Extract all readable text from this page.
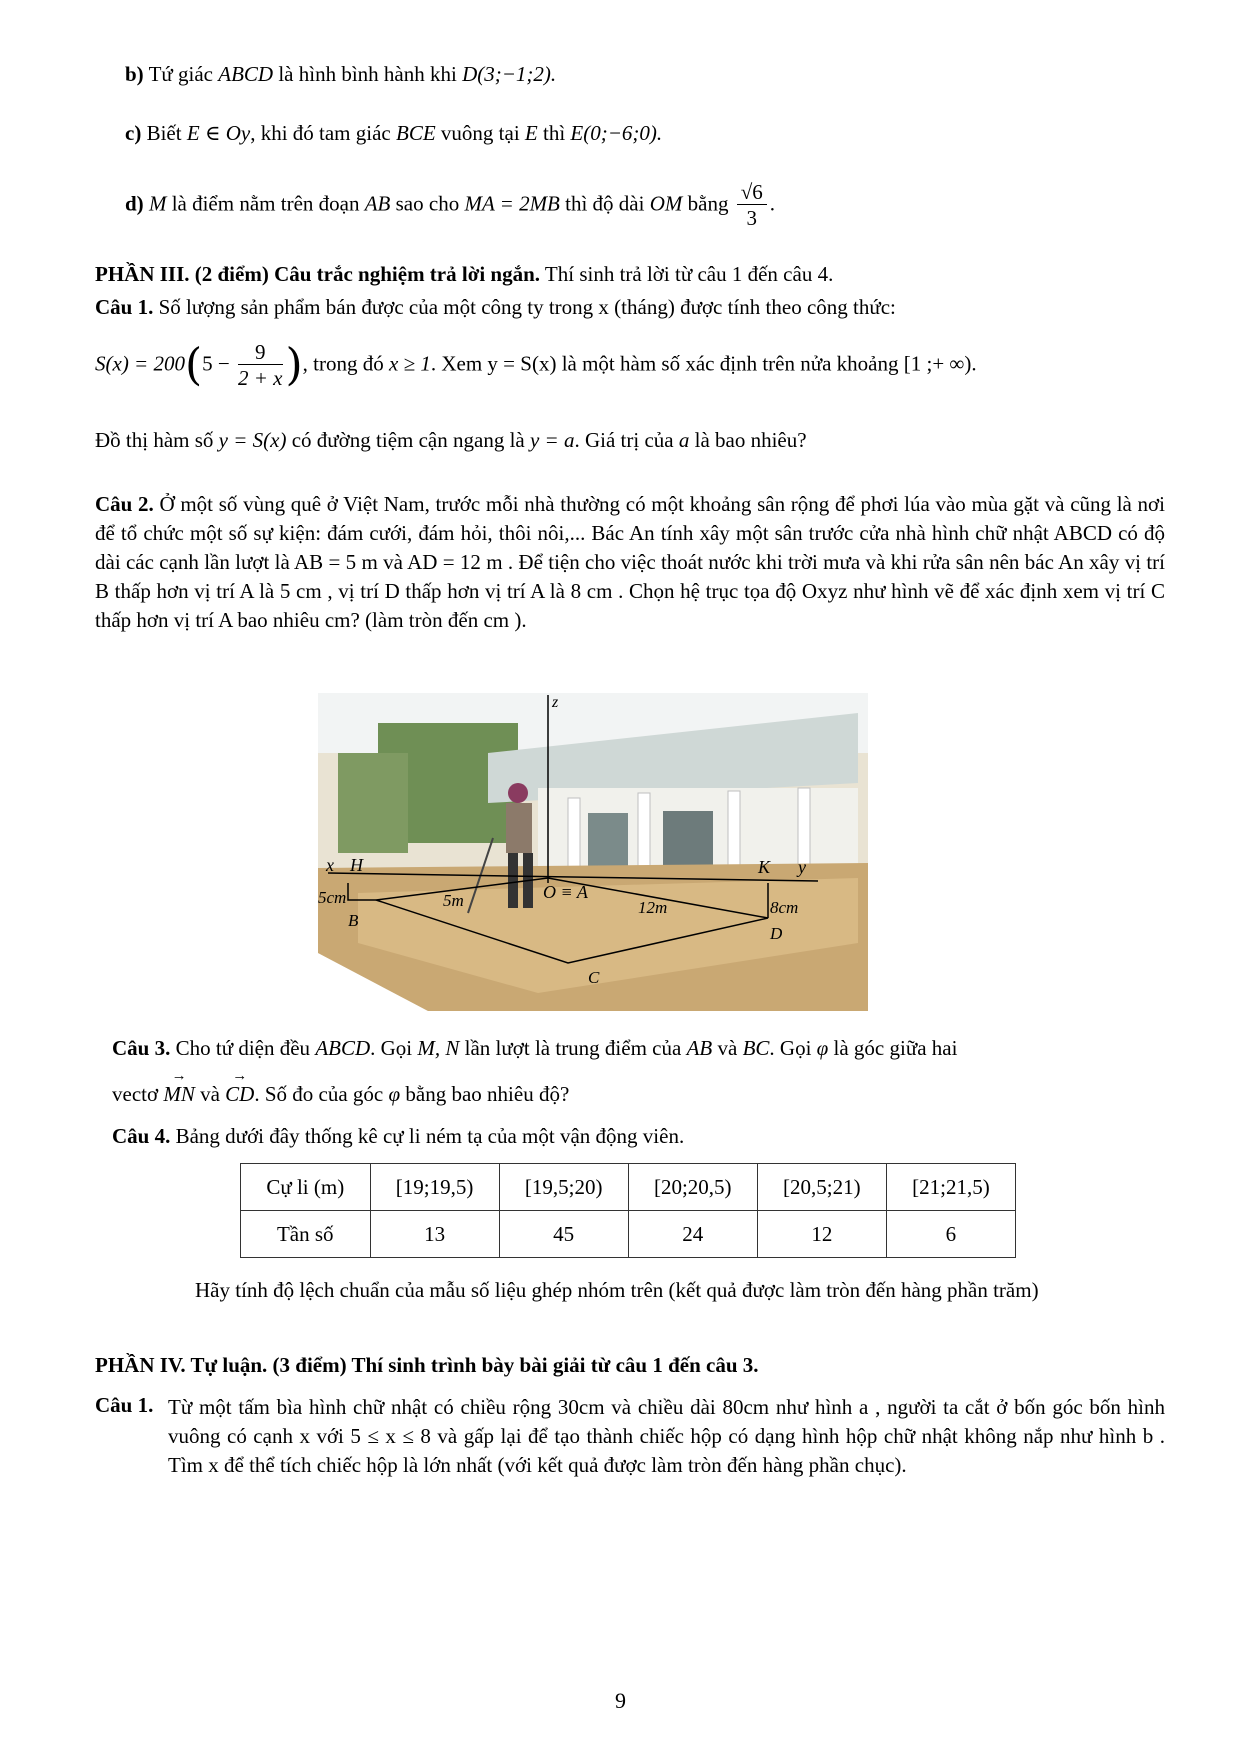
b) Tứ giác ABCD là hình bình hành khi D(3;−1;2).
c) Biết E ∈ Oy, khi đó tam giác BCE vuông tại E thì E(0;−6;0).
d) M là điểm nằm trên đoạn AB sao cho MA = 2MB thì độ dài OM bằng $\frac{√6}{3}$ .
PHẦN III. (2 điểm) Câu trắc nghiệm trả lời ngắn. Thí sinh trả lời từ câu 1 đến câu 4.
Câu 1. Số lượng sản phẩm bán được của một công ty trong x (tháng) được tính theo công thức:
$S(x) = 200(5 - \frac{9}{2 + x}$ ), trong đó x ≥ 1. Xem y = S(x) là một hàm số xác định trên nửa khoảng [1 ;+ ∞).
Đồ thị hàm số y = S(x) có đường tiệm cận ngang là y = a. Giá trị của a là bao nhiêu?
Câu 2. Ở một số vùng quê ở Việt Nam, trước mỗi nhà thường có một khoảng sân rộng để phơi lúa vào mùa gặt và cũng là nơi để tổ chức một số sự kiện: đám cưới, đám hỏi, thôi nôi,... Bác An tính xây một sân trước cửa nhà hình chữ nhật ABCD có độ dài các cạnh lần lượt là AB = 5 m và AD = 12 m . Để tiện cho việc thoát nước khi trời mưa và khi rửa sân nên bác An xây vị trí B thấp hơn vị trí A là 5 cm , vị trí D thấp hơn vị trí A là 8 cm . Chọn hệ trục tọa độ Oxyz như hình vẽ để xác định xem vị trí C thấp hơn vị trí A bao nhiêu cm? (làm tròn đến cm ).
z
x H	K y
O ≡ A
5cm	5m	12m	8cm
B
D
C
Câu 3. Cho tứ diện đều ABCD. Gọi M, N lần lượt là trung điểm của AB và BC. Gọi φ là góc giữa hai
vectơ → MN và → CD. Số đo của góc φ bằng bao nhiêu độ?
Câu 4. Bảng dưới đây thống kê cự li ném tạ của một vận động viên.
Cự li (m)	[19;19,5)	[19,5;20)	[20;20,5)	[20,5;21)	[21;21,5)
Tần số	13	45	24	12	6
Hãy tính độ lệch chuẩn của mẫu số liệu ghép nhóm trên (kết quả được làm tròn đến hàng phần trăm)
PHẦN IV. Tự luận. (3 điểm) Thí sinh trình bày bài giải từ câu 1 đến câu 3.
Câu 1. Từ một tấm bìa hình chữ nhật có chiều rộng 30cm và chiều dài 80cm như hình a , người ta cắt ở bốn góc bốn hình vuông có cạnh x với 5 ≤ x ≤ 8 và gấp lại để tạo thành chiếc hộp có dạng hình hộp chữ nhật không nắp như hình b . Tìm x để thể tích chiếc hộp là lớn nhất (với kết quả được làm tròn đến hàng phần chục).
9
